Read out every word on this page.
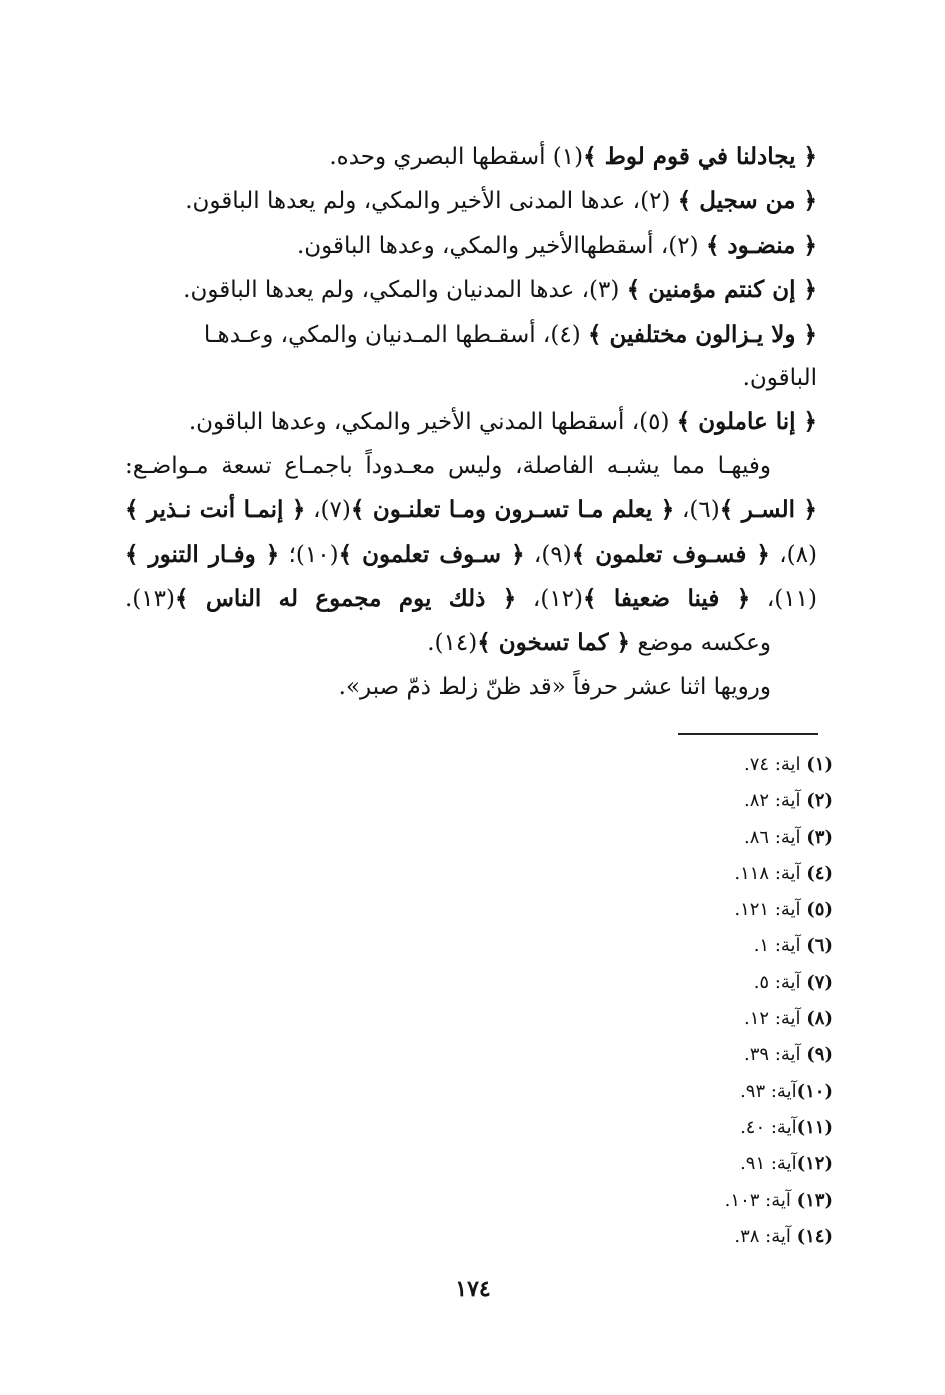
﴿ يجادلنا في قوم لوط ﴾(١) أسقطها البصري وحده.

﴿ من سجيل ﴾ (٢)، عدها المدنى الأخير والمكي، ولم يعدها الباقون.

﴿ منضـود ﴾ (٢)، أسقطهاالأخير والمكي، وعدها الباقون.

﴿ إن كنتم مؤمنين ﴾ (٣)، عدها المدنيان والمكي، ولم يعدها الباقون.

﴿ ولا يـزالون مختلفين ﴾ (٤)، أسقـطها المـدنيان والمكي، وعـدهـا الباقون.

﴿ إنا عاملون ﴾ (٥)، أسقطها المدني الأخير والمكي، وعدها الباقون.

وفيهـا مما يشبـه الفاصلة، وليس معـدوداً باجمـاع تسعة مـواضـع:

﴿ السـر ﴾(٦)، ﴿ يعلم مـا تسـرون ومـا تعلنـون ﴾(٧)، ﴿ إنمـا أنت نـذير ﴾(٨)، ﴿ فسـوف تعلمون ﴾(٩)، ﴿ سـوف تعلمون ﴾(١٠)؛ ﴿ وفـار التنور ﴾(١١)، ﴿ فينا ضعيفا ﴾(١٢)، ﴿ ذلك يوم مجموع له الناس ﴾(١٣).

وعكسه موضع ﴿ كما تسخون ﴾(١٤).

ورويها اثنا عشر حرفاً «قد ظنّ زلط ذمّ صبر».

(١) اية: ٧٤.

(٢) آية: ٨٢.

(٣) آية: ٨٦.

(٤) آية: ١١٨.

(٥) آية: ١٢١.

(٦) آية: ١.

(٧) آية: ٥.

(٨) آية: ١٢.

(٩) آية: ٣٩.

(١٠)آية: ٩٣.

(١١)آية: ٤٠.

(١٢)آية: ٩١.

(١٣) آية: ١٠٣.

(١٤) آية: ٣٨.

١٧٤
